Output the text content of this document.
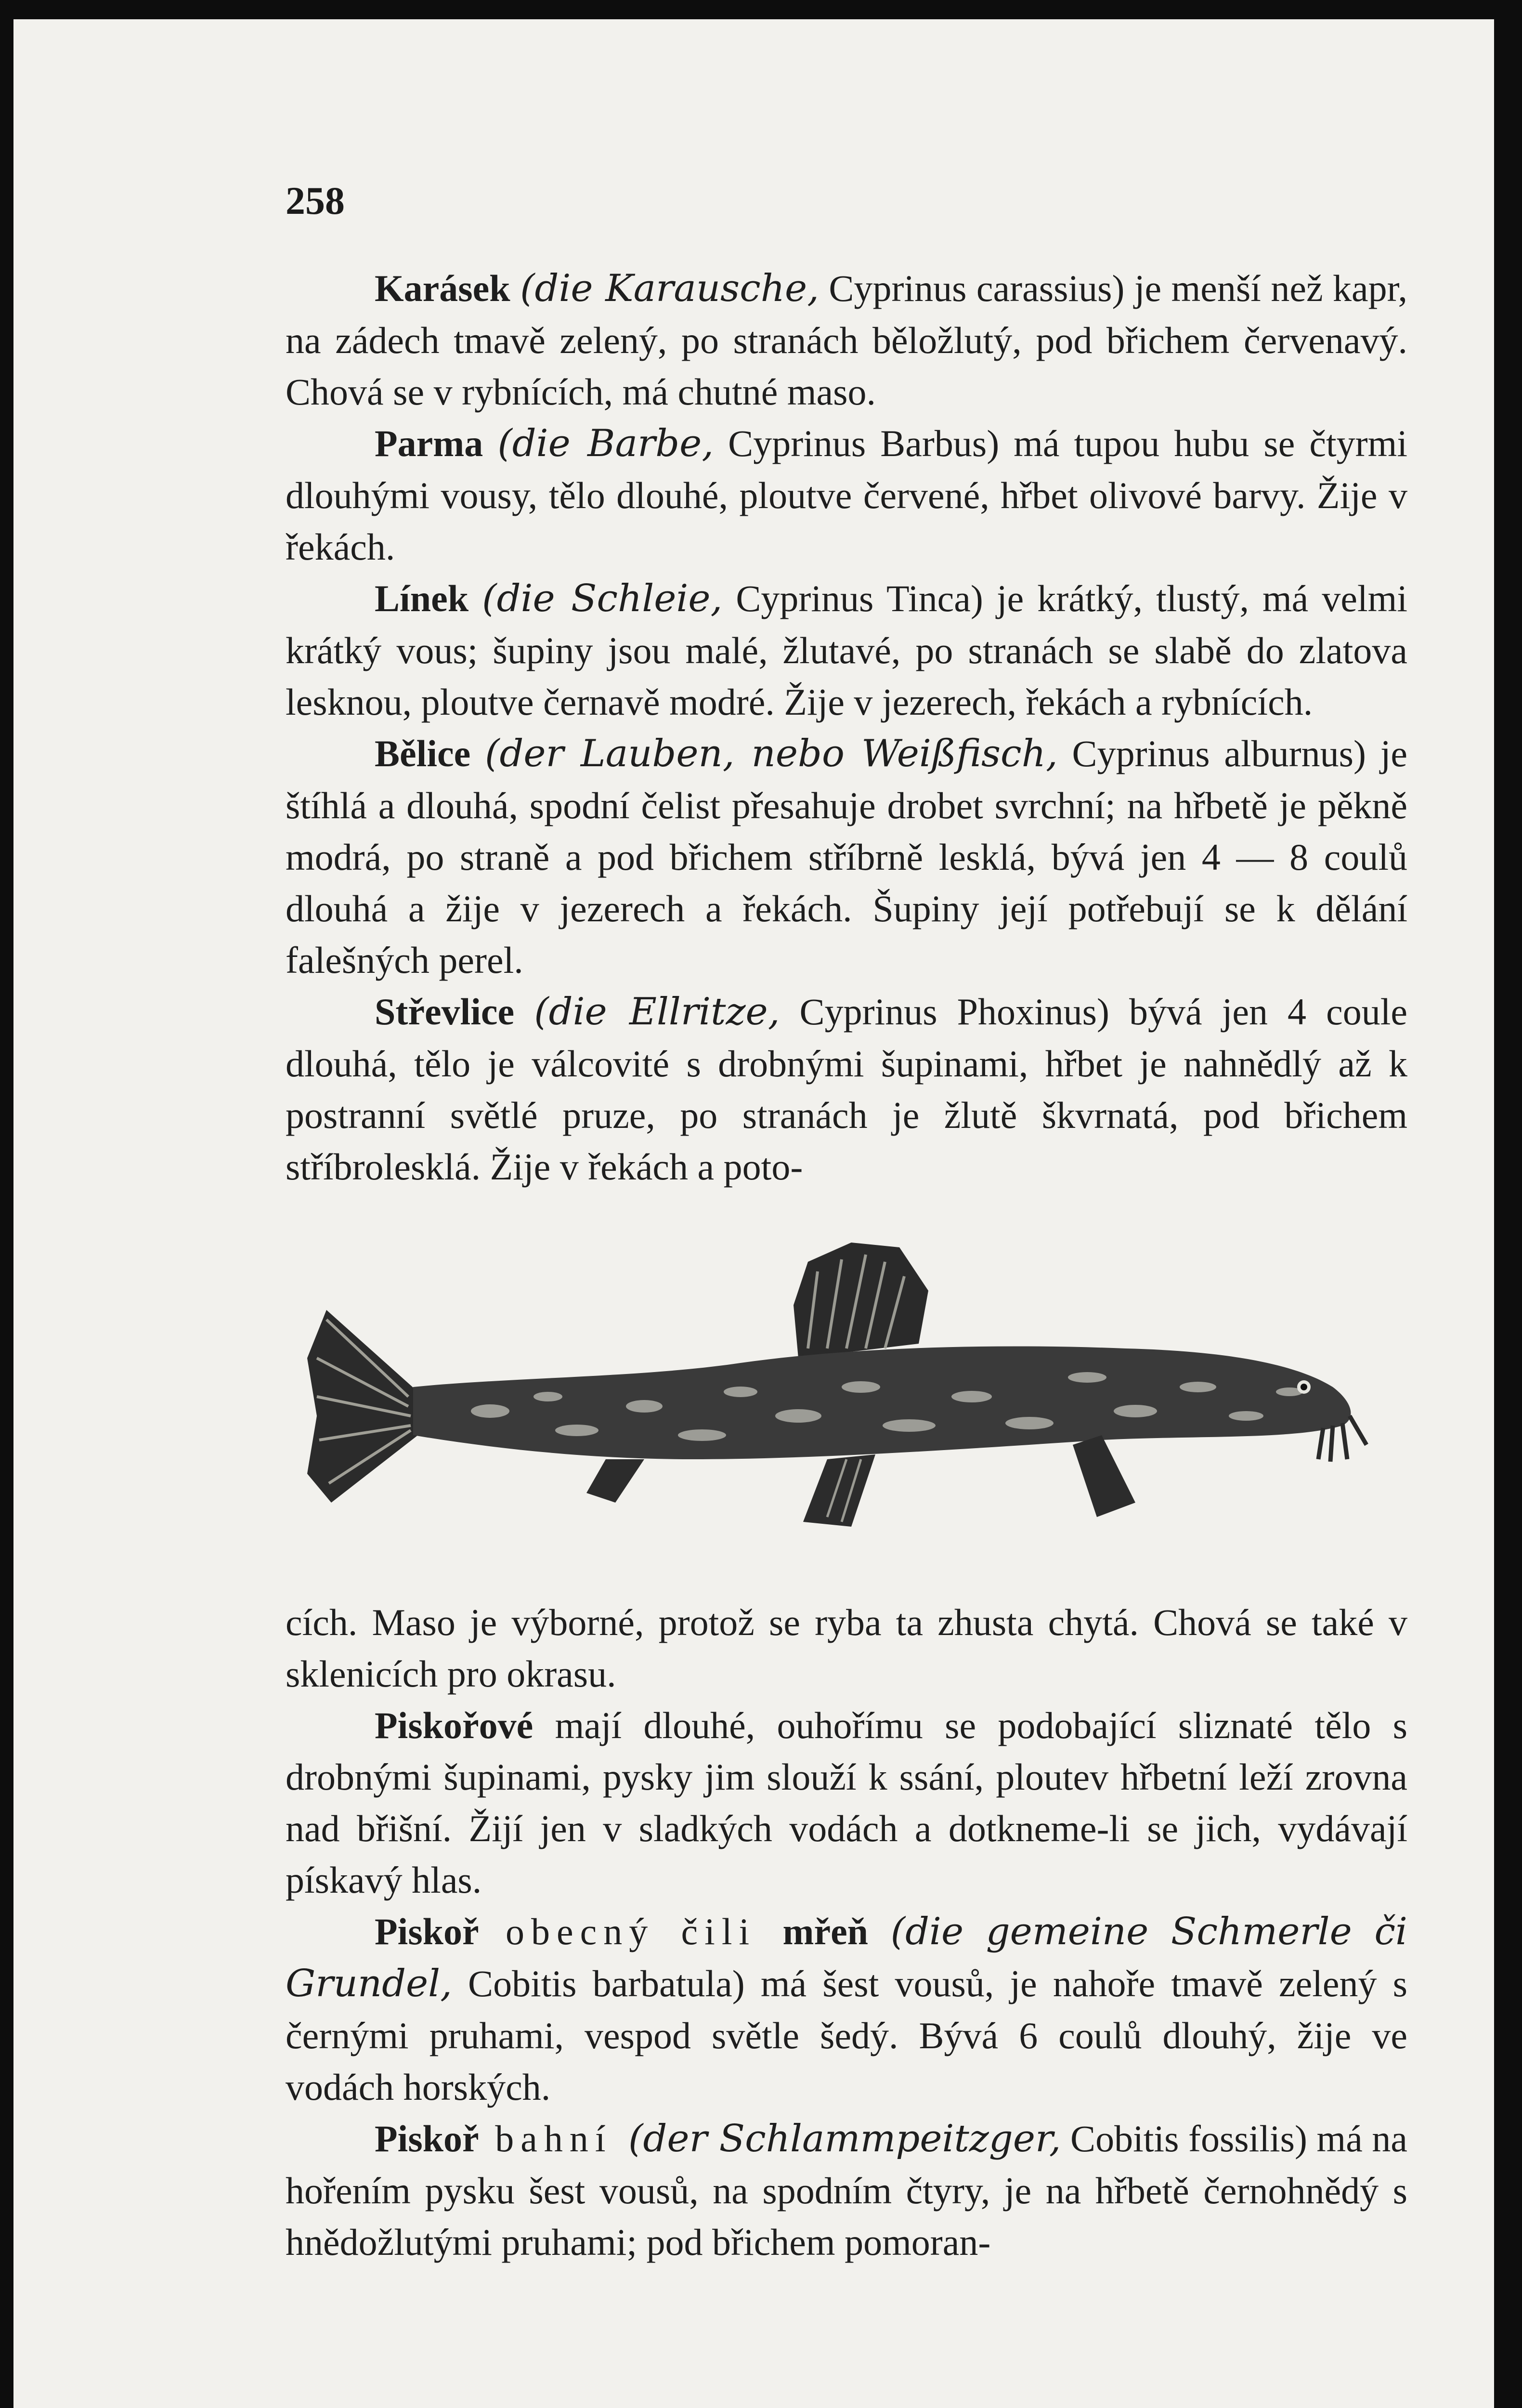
258

Karásek (die Karausche, Cyprinus carassius) je menší než kapr, na zádech tmavě zelený, po stranách běložlutý, pod břichem červenavý. Chová se v rybnících, má chutné maso.

Parma (die Barbe, Cyprinus Barbus) má tupou hubu se čtyrmi dlouhými vousy, tělo dlouhé, ploutve červené, hřbet olivové barvy. Žije v řekách.

Línek (die Schleie, Cyprinus Tinca) je krátký, tlustý, má velmi krátký vous; šupiny jsou malé, žlutavé, po stranách se slabě do zlatova lesknou, ploutve černavě modré. Žije v jezerech, řekách a rybnících.

Bělice (der Lauben, nebo Weißfisch, Cyprinus alburnus) je štíhlá a dlouhá, spodní čelist přesahuje drobet svrchní; na hřbetě je pěkně modrá, po straně a pod břichem stříbrně lesklá, bývá jen 4 — 8 coulů dlouhá a žije v jezerech a řekách. Šupiny její potřebují se k dělání falešných perel.

Střevlice (die Ellritze, Cyprinus Phoxinus) bývá jen 4 coule dlouhá, tělo je válcovité s drobnými šupinami, hřbet je nahnědlý až k postranní světlé pruze, po stranách je žlutě škvrnatá, pod břichem stříbrolesklá. Žije v řekách a poto-

cích. Maso je výborné, protož se ryba ta zhusta chytá. Chová se také v sklenicích pro okrasu.

Piskořové mají dlouhé, ouhořímu se podobající sliznaté tělo s drobnými šupinami, pysky jim slouží k ssání, ploutev hřbetní leží zrovna nad břišní. Žijí jen v sladkých vodách a dotkneme-li se jich, vydávají pískavý hlas.

Piskoř obecný čili mřeň (die gemeine Schmerle či Grundel, Cobitis barbatula) má šest vousů, je nahoře tmavě zelený s černými pruhami, vespod světle šedý. Bývá 6 coulů dlouhý, žije ve vodách horských.

Piskoř bahní (der Schlammpeitzger, Cobitis fossilis) má na hořením pysku šest vousů, na spodním čtyry, je na hřbetě černohnědý s hnědožlutými pruhami; pod břichem pomoran-
